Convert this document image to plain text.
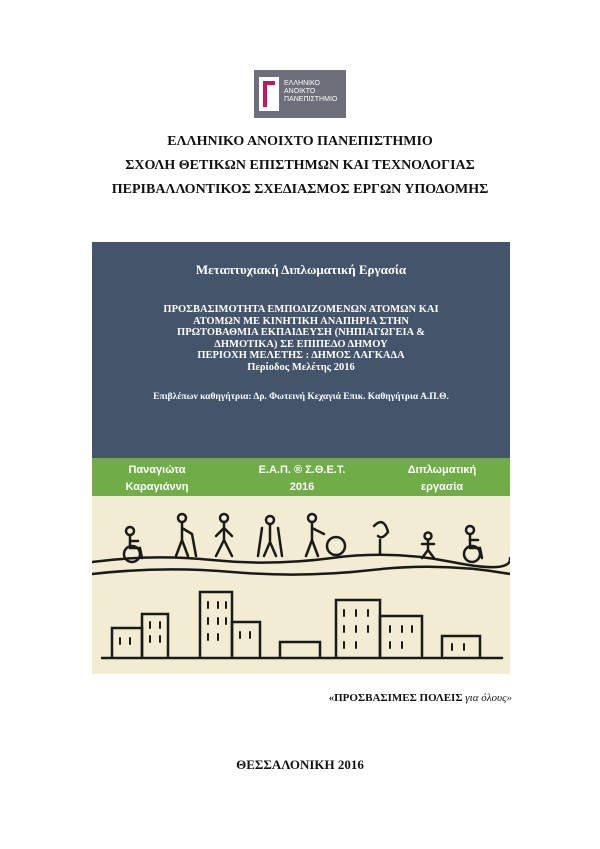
ΕΛΛΗΝΙΚΟ
ΑΝΟΙΚΤΟ
ΠΑΝΕΠΙΣΤΗΜΙΟ
ΕΛΛΗΝΙΚΟ ΑΝΟΙΧΤΟ ΠΑΝΕΠΙΣΤΗΜΙΟ
ΣΧΟΛΗ ΘΕΤΙΚΩΝ ΕΠΙΣΤΗΜΩΝ ΚΑΙ ΤΕΧΝΟΛΟΓΙΑΣ
ΠΕΡΙΒΑΛΛΟΝΤΙΚΟΣ ΣΧΕΔΙΑΣΜΟΣ ΕΡΓΩΝ ΥΠΟΔΟΜΗΣ
Μεταπτυχιακή Διπλωματική Εργασία
ΠΡΟΣΒΑΣΙΜΟΤΗΤΑ ΕΜΠΟΔΙΖΟΜΕΝΩΝ ΑΤΟΜΩΝ ΚΑΙ
ΑΤΟΜΩΝ ΜΕ ΚΙΝΗΤΙΚΗ ΑΝΑΠΗΡΙΑ ΣΤΗΝ
ΠΡΩΤΟΒΑΘΜΙΑ ΕΚΠΑΙΔΕΥΣΗ (ΝΗΠΙΑΓΩΓΕΙΑ &
ΔΗΜΟΤΙΚΑ) ΣΕ ΕΠΙΠΕΔΟ ΔΗΜΟΥ
ΠΕΡΙΟΧΗ ΜΕΛΕΤΗΣ : ΔΗΜΟΣ ΛΑΓΚΑΔΑ
Περίοδος Μελέτης 2016
Επιβλέπων καθηγήτρια: Δρ. Φωτεινή Κεχαγιά Επικ. Καθηγήτρια Α.Π.Θ.
Παναγιώτα
Καραγιάννη
Ε.Α.Π. ® Σ.Θ.Ε.Τ.
2016
Διπλωματική
εργασία
«ΠΡΟΣΒΑΣΙΜΕΣ ΠΟΛΕΙΣ για όλους»
ΘΕΣΣΑΛΟΝΙΚΗ 2016
